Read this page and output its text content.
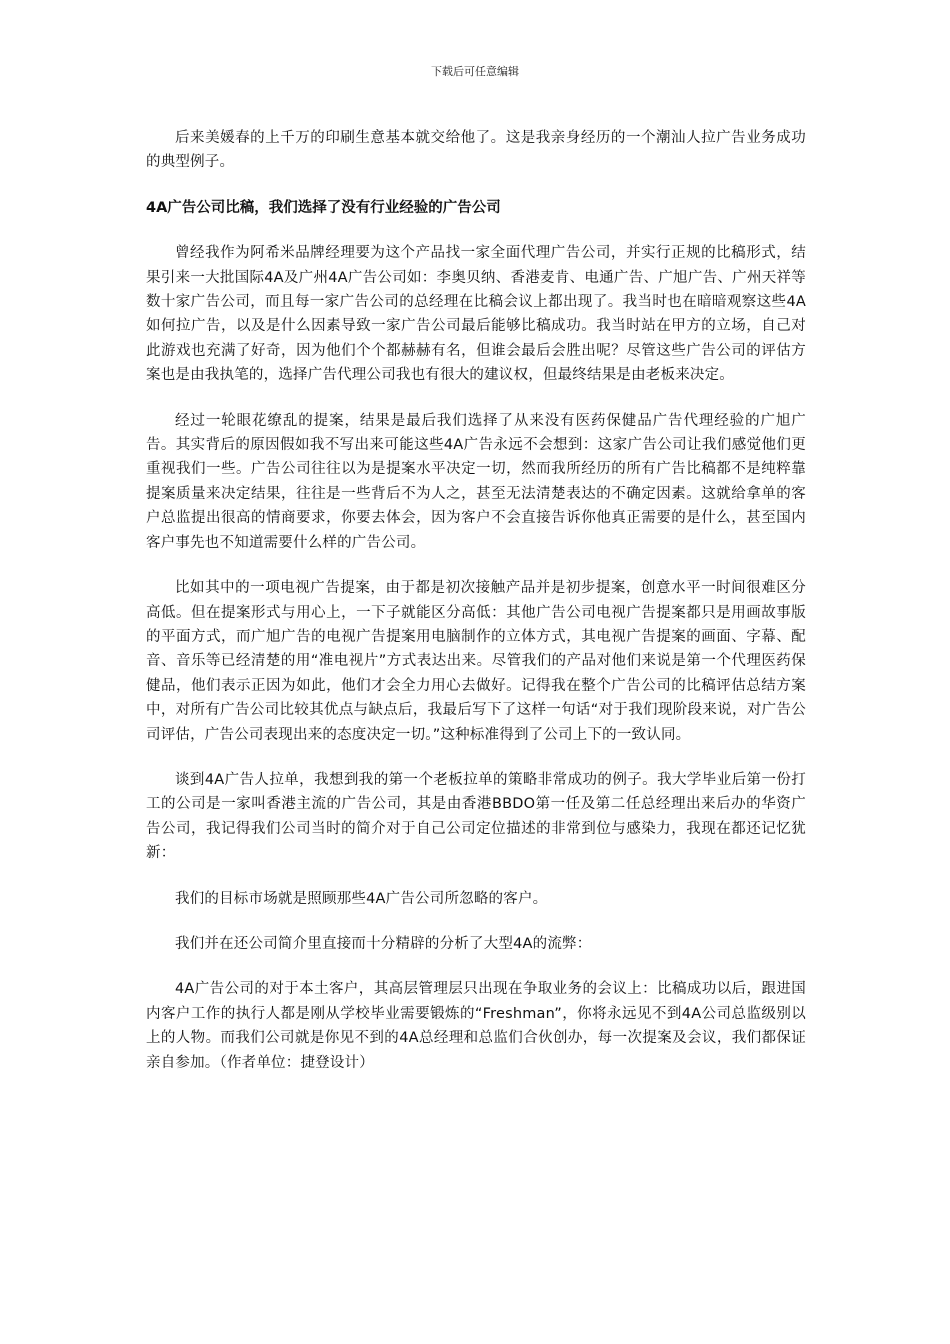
下载后可任意编辑

后来美媛春的上千万的印刷生意基本就交给他了。这是我亲身经历的一个潮汕人拉广告业务成功的典型例子。

4A广告公司比稿，我们选择了没有行业经验的广告公司

曾经我作为阿希米品牌经理要为这个产品找一家全面代理广告公司，并实行正规的比稿形式，结果引来一大批国际4A及广州4A广告公司如：李奥贝纳、香港麦肯、电通广告、广旭广告、广州天祥等数十家广告公司，而且每一家广告公司的总经理在比稿会议上都出现了。我当时也在暗暗观察这些4A如何拉广告，以及是什么因素导致一家广告公司最后能够比稿成功。我当时站在甲方的立场，自己对此游戏也充满了好奇，因为他们个个都赫赫有名，但谁会最后会胜出呢？尽管这些广告公司的评估方案也是由我执笔的，选择广告代理公司我也有很大的建议权，但最终结果是由老板来决定。

经过一轮眼花缭乱的提案，结果是最后我们选择了从来没有医药保健品广告代理经验的广旭广告。其实背后的原因假如我不写出来可能这些4A广告永远不会想到：这家广告公司让我们感觉他们更重视我们一些。广告公司往往以为是提案水平决定一切，然而我所经历的所有广告比稿都不是纯粹靠提案质量来决定结果，往往是一些背后不为人之，甚至无法清楚表达的不确定因素。这就给拿单的客户总监提出很高的情商要求，你要去体会，因为客户不会直接告诉你他真正需要的是什么，甚至国内客户事先也不知道需要什么样的广告公司。

比如其中的一项电视广告提案，由于都是初次接触产品并是初步提案，创意水平一时间很难区分高低。但在提案形式与用心上，一下子就能区分高低：其他广告公司电视广告提案都只是用画故事版的平面方式，而广旭广告的电视广告提案用电脑制作的立体方式，其电视广告提案的画面、字幕、配音、音乐等已经清楚的用“准电视片”方式表达出来。尽管我们的产品对他们来说是第一个代理医药保健品，他们表示正因为如此，他们才会全力用心去做好。记得我在整个广告公司的比稿评估总结方案中，对所有广告公司比较其优点与缺点后，我最后写下了这样一句话“对于我们现阶段来说，对广告公司评估，广告公司表现出来的态度决定一切。”这种标准得到了公司上下的一致认同。

谈到4A广告人拉单，我想到我的第一个老板拉单的策略非常成功的例子。我大学毕业后第一份打工的公司是一家叫香港主流的广告公司，其是由香港BBDO第一任及第二任总经理出来后办的华资广告公司，我记得我们公司当时的简介对于自己公司定位描述的非常到位与感染力，我现在都还记忆犹新：

我们的目标市场就是照顾那些4A广告公司所忽略的客户。

我们并在还公司简介里直接而十分精辟的分析了大型4A的流弊：

4A广告公司的对于本土客户，其高层管理层只出现在争取业务的会议上：比稿成功以后，跟进国内客户工作的执行人都是刚从学校毕业需要锻炼的“Freshman”，你将永远见不到4A公司总监级别以上的人物。而我们公司就是你见不到的4A总经理和总监们合伙创办，每一次提案及会议，我们都保证亲自参加。（作者单位：捷登设计）
